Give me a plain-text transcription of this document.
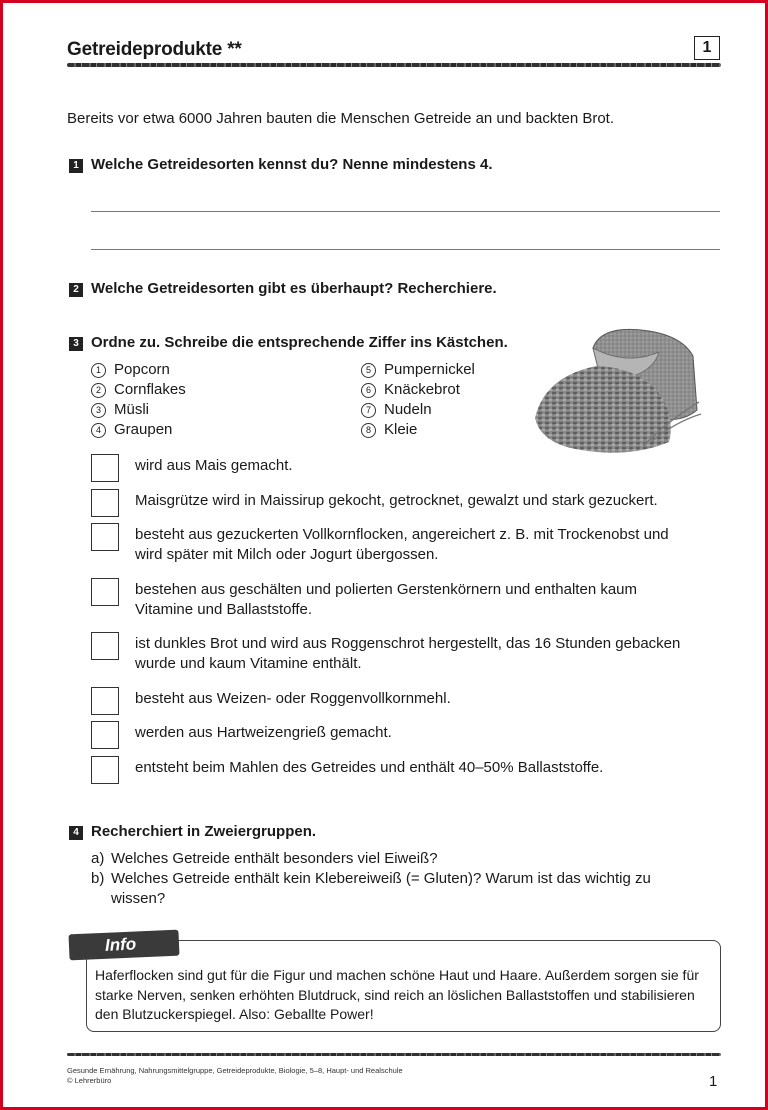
Getreideprodukte **	1
Bereits vor etwa 6000 Jahren bauten die Menschen Getreide an und backten Brot.
1 Welche Getreidesorten kennst du? Nenne mindestens 4.
2 Welche Getreidesorten gibt es überhaupt? Recherchiere.
3 Ordne zu. Schreibe die entsprechende Ziffer ins Kästchen.
1 Popcorn
2 Cornflakes
3 Müsli
4 Graupen
5 Pumpernickel
6 Knäckebrot
7 Nudeln
8 Kleie
wird aus Mais gemacht.
Maisgrütze wird in Maissirup gekocht, getrocknet, gewalzt und stark gezuckert.
besteht aus gezuckerten Vollkornflocken, angereichert z. B. mit Trockenobst und
wird später mit Milch oder Jogurt übergossen.
bestehen aus geschälten und polierten Gerstenkörnern und enthalten kaum
Vitamine und Ballaststoffe.
ist dunkles Brot und wird aus Roggenschrot hergestellt, das 16 Stunden gebacken
wurde und kaum Vitamine enthält.
besteht aus Weizen- oder Roggenvollkornmehl.
werden aus Hartweizengrieß gemacht.
entsteht beim Mahlen des Getreides und enthält 40–50% Ballaststoffe.
4 Recherchiert in Zweiergruppen.
a) Welches Getreide enthält besonders viel Eiweiß?
b) Welches Getreide enthält kein Klebereiweiß (= Gluten)? Warum ist das wichtig zu
wissen?
Info
Haferflocken sind gut für die Figur und machen schöne Haut und Haare. Außerdem sorgen sie für
starke Nerven, senken erhöhten Blutdruck, sind reich an löslichen Ballaststoffen und stabilisieren
den Blutzuckerspiegel. Also: Geballte Power!
Gesunde Ernährung, Nahrungsmittelgruppe, Getreideprodukte, Biologie, 5–8, Haupt- und Realschule
© Lehrerbüro	1
